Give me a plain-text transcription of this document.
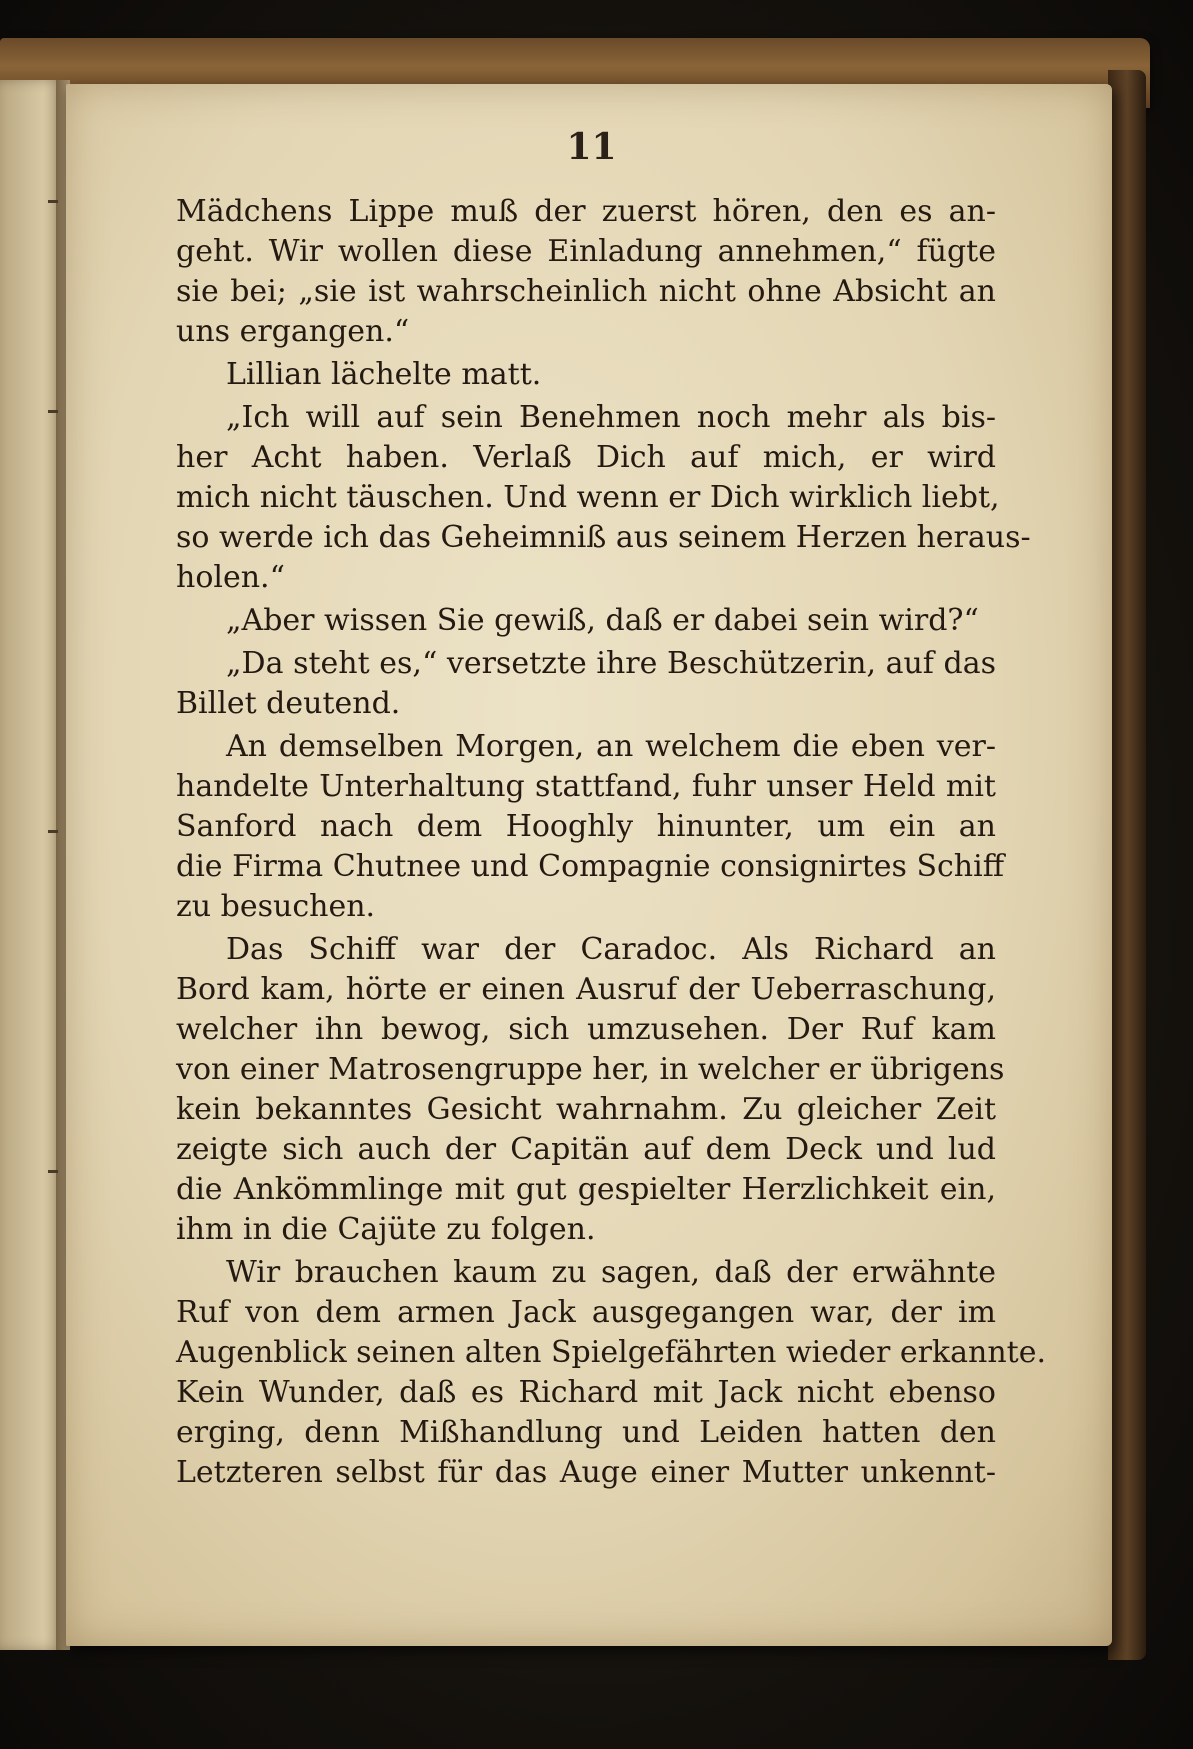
11
Mädchens Lippe muß der zuerst hören, den es an-
geht. Wir wollen diese Einladung annehmen,“ fügte
sie bei; „sie ist wahrscheinlich nicht ohne Absicht an
uns ergangen.“
Lillian lächelte matt.
„Ich will auf sein Benehmen noch mehr als bis-
her Acht haben. Verlaß Dich auf mich, er wird
mich nicht täuschen. Und wenn er Dich wirklich liebt,
so werde ich das Geheimniß aus seinem Herzen heraus-
holen.“
„Aber wissen Sie gewiß, daß er dabei sein wird?“
„Da steht es,“ versetzte ihre Beschützerin, auf das
Billet deutend.
An demselben Morgen, an welchem die eben ver-
handelte Unterhaltung stattfand, fuhr unser Held mit
Sanford nach dem Hooghly hinunter, um ein an
die Firma Chutnee und Compagnie consignirtes Schiff
zu besuchen.
Das Schiff war der Caradoc. Als Richard an
Bord kam, hörte er einen Ausruf der Ueberraschung,
welcher ihn bewog, sich umzusehen. Der Ruf kam
von einer Matrosengruppe her, in welcher er übrigens
kein bekanntes Gesicht wahrnahm. Zu gleicher Zeit
zeigte sich auch der Capitän auf dem Deck und lud
die Ankömmlinge mit gut gespielter Herzlichkeit ein,
ihm in die Cajüte zu folgen.
Wir brauchen kaum zu sagen, daß der erwähnte
Ruf von dem armen Jack ausgegangen war, der im
Augenblick seinen alten Spielgefährten wieder erkannte.
Kein Wunder, daß es Richard mit Jack nicht ebenso
erging, denn Mißhandlung und Leiden hatten den
Letzteren selbst für das Auge einer Mutter unkennt-
